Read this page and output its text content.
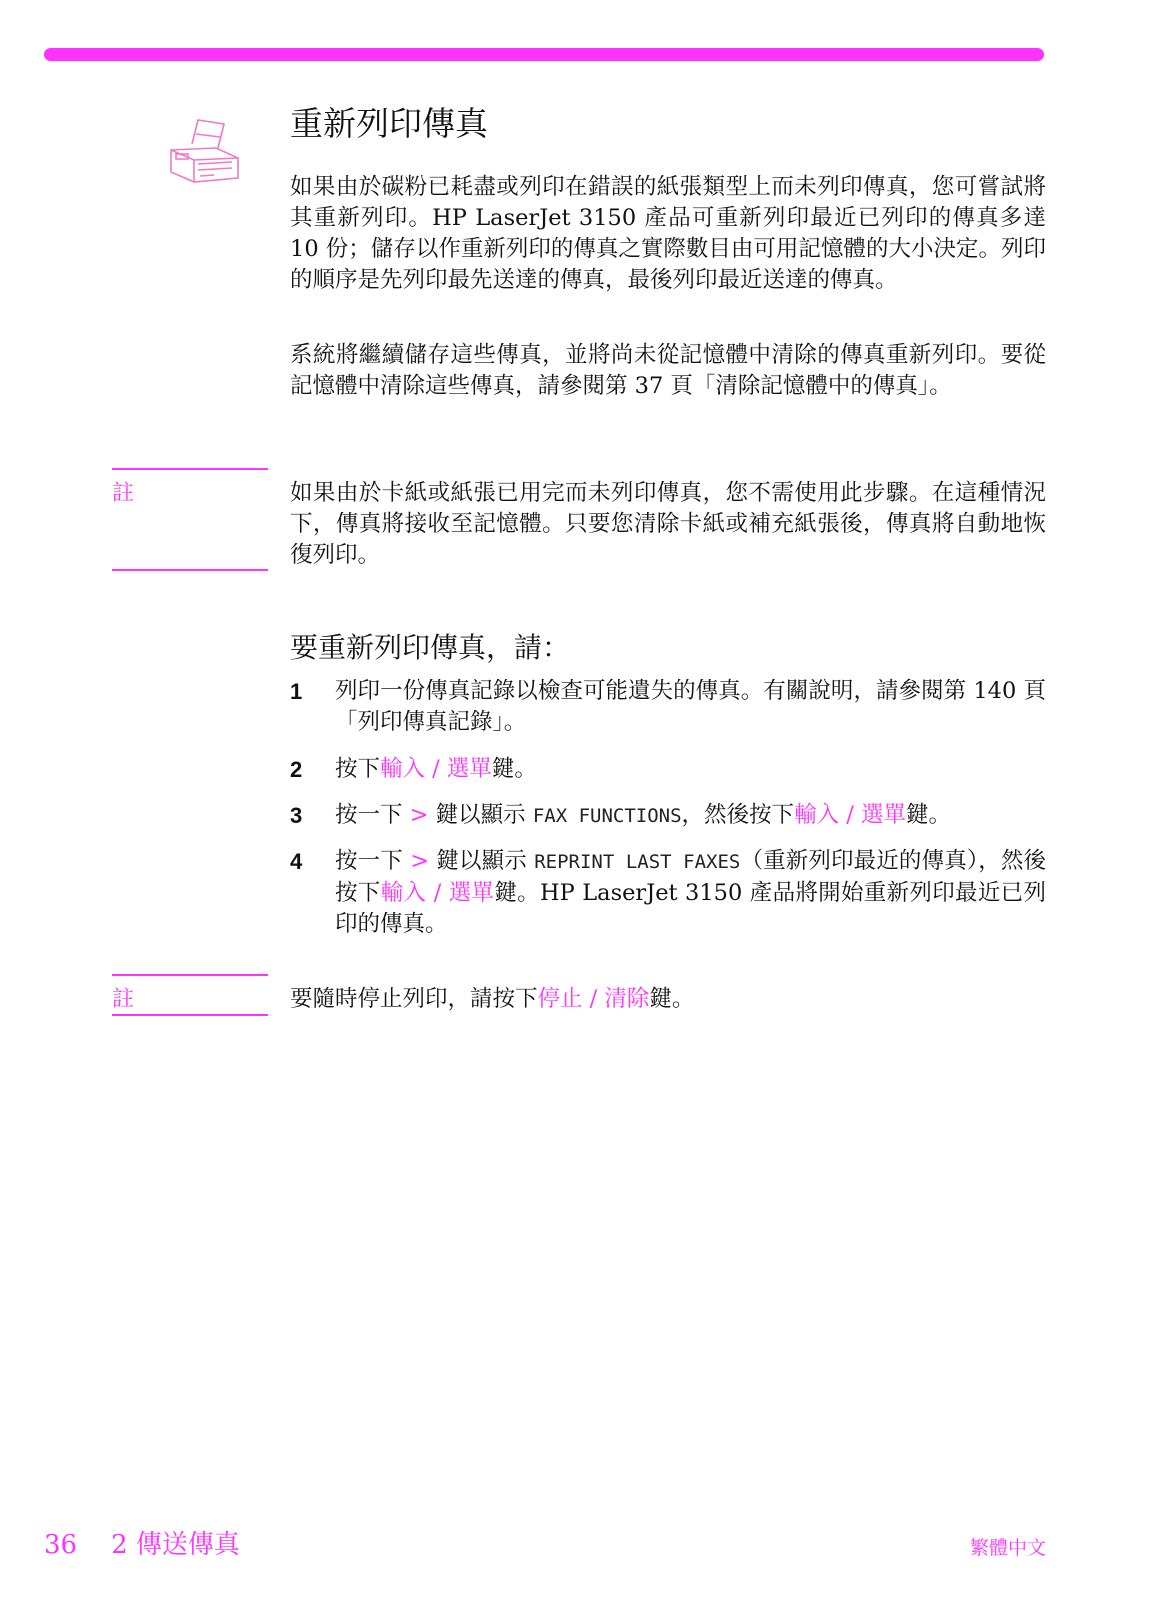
重新列印傳真

如果由於碳粉已耗盡或列印在錯誤的紙張類型上而未列印傳真，您可嘗試將其重新列印。HP LaserJet 3150 產品可重新列印最近已列印的傳真多達 10 份；儲存以作重新列印的傳真之實際數目由可用記憶體的大小決定。列印的順序是先列印最先送達的傳真，最後列印最近送達的傳真。

系統將繼續儲存這些傳真，並將尚未從記憶體中清除的傳真重新列印。要從記憶體中清除這些傳真，請參閱第 37 頁「清除記憶體中的傳真」。

註	如果由於卡紙或紙張已用完而未列印傳真，您不需使用此步驟。在這種情況下，傳真將接收至記憶體。只要您清除卡紙或補充紙張後，傳真將自動地恢復列印。

要重新列印傳真，請：
1 列印一份傳真記錄以檢查可能遺失的傳真。有關說明，請參閱第 140 頁「列印傳真記錄」。

2 按下輸入 / 選單鍵。

3 按一下 > 鍵以顯示 FAX FUNCTIONS，然後按下輸入 / 選單鍵。

4 按一下 > 鍵以顯示 REPRINT LAST FAXES（重新列印最近的傳真），然後按下輸入 / 選單鍵。HP LaserJet 3150 產品將開始重新列印最近已列印的傳真。

註	要隨時停止列印，請按下停止 / 清除鍵。

36 2 傳送傳真	繁體中文
